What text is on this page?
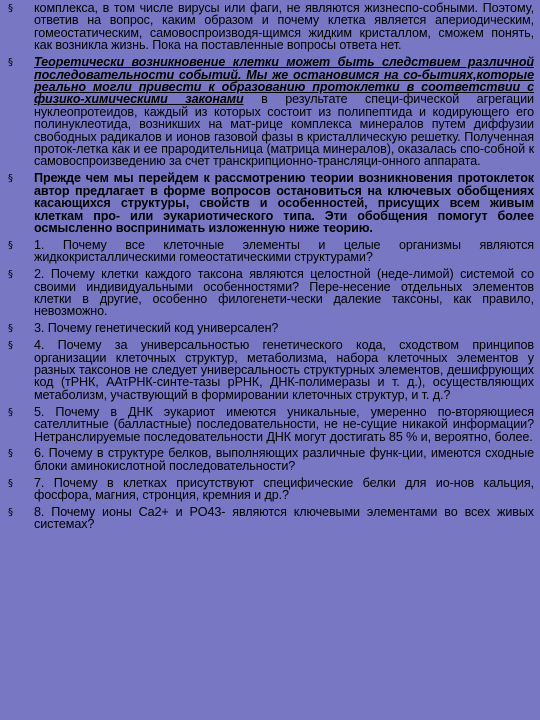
§ комплекса, в том числе вирусы или фаги, не являются жизнеспо-собными. Поэтому, ответив на вопрос, каким образом и почему клетка является апериодическим, гомеостатическим, самовоспроизводя-щимся жидким кристаллом, сможем понять, как возникла жизнь. Пока на поставленные вопросы ответа нет.
§ Теоретически возникновение клетки может быть следствием различной последовательности событий. Мы же остановимся на со-бытиях,которые реально могли привести к образованию протоклетки в соответствии с физико-химическими законами в результате специ-фической агрегации нуклеопротеидов, каждый из которых состоит из полипептида и кодирующего его полинуклеотида, возникших на мат-рице комплекса минералов путем диффузии свободных радикалов и ионов газовой фазы в кристаллическую решетку. Полученная проток-летка как и ее прародительница (матрица минералов), оказалась спо-собной к самовоспроизведению за счет транскрипционно-трансляци-онного аппарата.
§ Прежде чем мы перейдем к рассмотрению теории возникновения протоклеток автор предлагает в форме вопросов остановиться на ключевых обобщениях касающихся структуры, свойств и особенностей, присущих всем живым клеткам про- или эукариотического типа. Эти обобщения помогут более осмысленно воспринимать изложенную ниже теорию.
§ 1. Почему все клеточные элементы и целые организмы являются жидкокристаллическими гомеостатическими структурами?
§ 2. Почему клетки каждого таксона являются целостной (неде-лимой) системой со своими индивидуальными особенностями? Пере-несение отдельных элементов клетки в другие, особенно филогенети-чески далекие таксоны, как правило, невозможно.
§ 3. Почему генетический код универсален?
§ 4. Почему за универсальностью генетического кода, сходством принципов организации клеточных структур, метаболизма, набора клеточных элементов у разных таксонов не следует универсальность структурных элементов, дешифрующих код (тРНК, ААтРНК-синте-тазы рРНК, ДНК-полимеразы и т. д.), осуществляющих метаболизм, участвующий в формировании клеточных структур, и т. д.?
§ 5. Почему в ДНК эукариот имеются уникальные, умеренно по-вторяющиеся сателлитные (балластные) последовательности, не не-сущие никакой информации? Нетранслируемые последовательности ДНК могут достигать 85 % и, вероятно, более.
§ 6. Почему в структуре белков, выполняющих различные функ-ции, имеются сходные блоки аминокислотной последовательности?
§ 7. Почему в клетках присутствуют специфические белки для ио-нов кальция, фосфора, магния, стронция, кремния и др.?
§ 8. Почему ионы Ca2+ и PO43- являются ключевыми элементами во всех живых системах?
